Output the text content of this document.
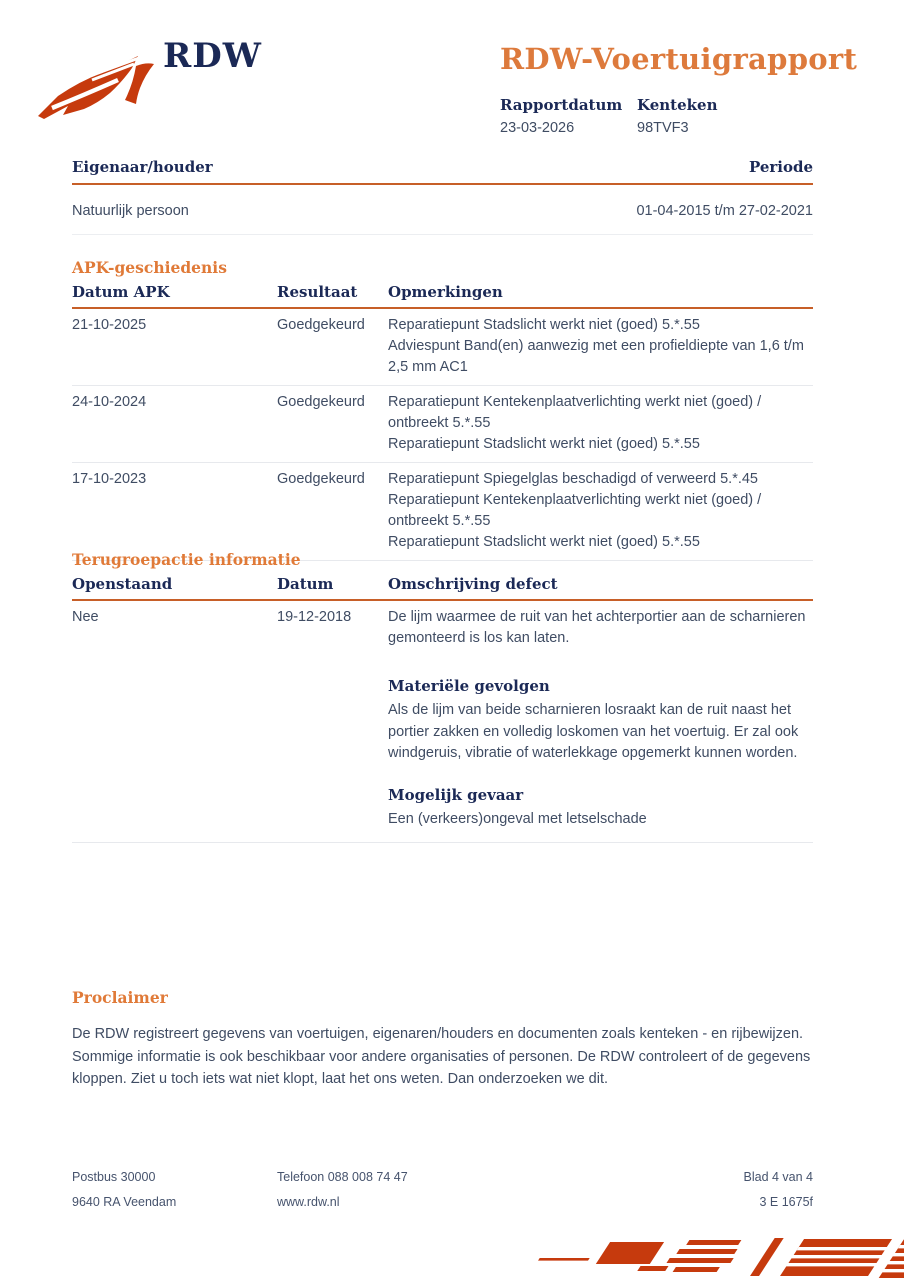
RDW	RDW-Voertuigrapport
Rapportdatum
23-03-2026
Kenteken
98TVF3
Eigenaar/houder	Periode
Natuurlijk persoon	01-04-2015 t/m 27-02-2021
APK-geschiedenis
Datum APK	Resultaat	Opmerkingen
21-10-2025	Goedgekeurd	Reparatiepunt Stadslicht werkt niet (goed) 5.*.55
Adviespunt Band(en) aanwezig met een profieldiepte van 1,6 t/m 2,5 mm AC1
24-10-2024	Goedgekeurd	Reparatiepunt Kentekenplaatverlichting werkt niet (goed) / ontbreekt 5.*.55
Reparatiepunt Stadslicht werkt niet (goed) 5.*.55
17-10-2023	Goedgekeurd	Reparatiepunt Spiegelglas beschadigd of verweerd 5.*.45
Reparatiepunt Kentekenplaatverlichting werkt niet (goed) / ontbreekt 5.*.55
Reparatiepunt Stadslicht werkt niet (goed) 5.*.55
Terugroepactie informatie
Openstaand	Datum	Omschrijving defect
Nee	19-12-2018	De lijm waarmee de ruit van het achterportier aan de scharnieren gemonteerd is los kan laten.
Materiële gevolgen
Als de lijm van beide scharnieren losraakt kan de ruit naast het portier zakken en volledig loskomen van het voertuig. Er zal ook windgeruis, vibratie of waterlekkage opgemerkt kunnen worden.
Mogelijk gevaar
Een (verkeers)ongeval met letselschade
Proclaimer
De RDW registreert gegevens van voertuigen, eigenaren/houders en documenten zoals kenteken - en rijbewijzen. Sommige informatie is ook beschikbaar voor andere organisaties of personen. De RDW controleert of de gegevens kloppen. Ziet u toch iets wat niet klopt, laat het ons weten. Dan onderzoeken we dit.
Postbus 30000	Telefoon 088 008 74 47	Blad 4 van 4
9640 RA Veendam	www.rdw.nl	3 E 1675f
